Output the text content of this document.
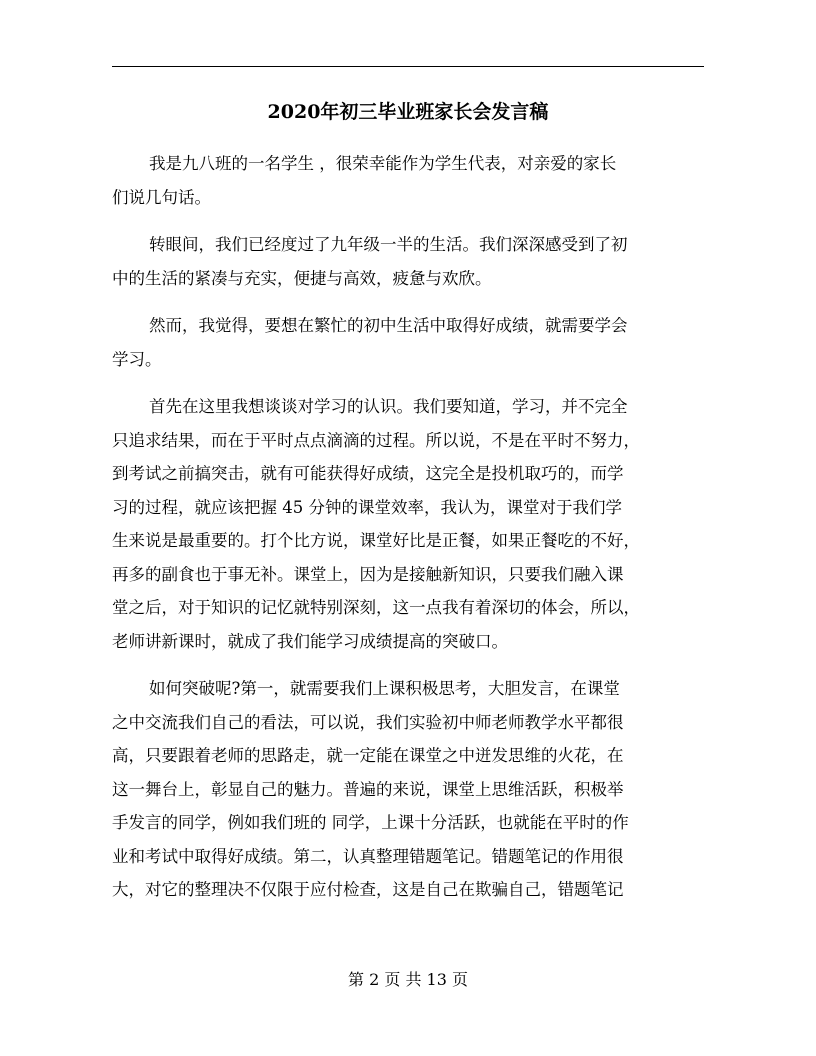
2020年初三毕业班家长会发言稿

我是九八班的一名学生 ，很荣幸能作为学生代表，对亲爱的家长
们说几句话。

转眼间，我们已经度过了九年级一半的生活。我们深深感受到了初
中的生活的紧凑与充实，便捷与高效，疲惫与欢欣。

然而，我觉得，要想在繁忙的初中生活中取得好成绩，就需要学会
学习。

首先在这里我想谈谈对学习的认识。我们要知道，学习，并不完全
只追求结果，而在于平时点点滴滴的过程。所以说，不是在平时不努力，
到考试之前搞突击，就有可能获得好成绩，这完全是投机取巧的，而学
习的过程，就应该把握 45 分钟的课堂效率，我认为，课堂对于我们学
生来说是最重要的。打个比方说，课堂好比是正餐，如果正餐吃的不好，
再多的副食也于事无补。课堂上，因为是接触新知识，只要我们融入课
堂之后，对于知识的记忆就特别深刻，这一点我有着深切的体会，所以，
老师讲新课时，就成了我们能学习成绩提高的突破口。

如何突破呢?第一，就需要我们上课积极思考，大胆发言，在课堂
之中交流我们自己的看法，可以说，我们实验初中师老师教学水平都很
高，只要跟着老师的思路走，就一定能在课堂之中迸发思维的火花，在
这一舞台上，彰显自己的魅力。普遍的来说，课堂上思维活跃，积极举
手发言的同学，例如我们班的 同学，上课十分活跃，也就能在平时的作
业和考试中取得好成绩。第二，认真整理错题笔记。错题笔记的作用很
大，对它的整理决不仅限于应付检查，这是自己在欺骗自己，错题笔记

第 2 页 共 13 页
